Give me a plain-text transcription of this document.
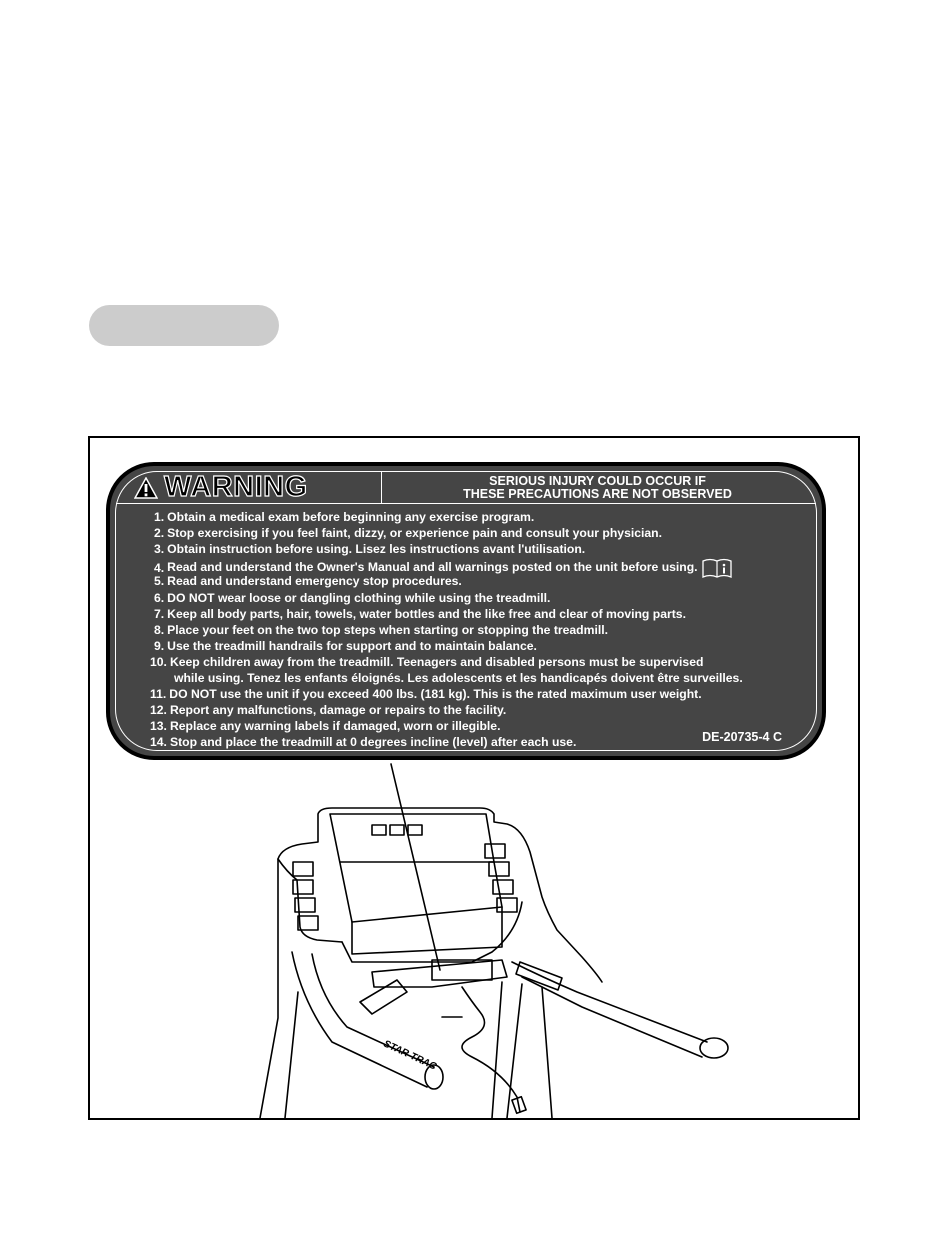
STAR TRAC
WARNING	SERIOUS INJURY COULD OCCUR IF
THESE PRECAUTIONS ARE NOT OBSERVED
1.Obtain a medical exam before beginning any exercise program.
2.Stop exercising if you feel faint, dizzy, or experience pain and consult your physician.
3.Obtain instruction before using. Lisez les instructions avant l'utilisation.
4.Read and understand the Owner's Manual and all warnings posted on the unit before using.
5.Read and understand emergency stop procedures.
6.DO NOT wear loose or dangling clothing while using the treadmill.
7.Keep all body parts, hair, towels, water bottles and the like free and clear of moving parts.
8.Place your feet on the two top steps when starting or stopping the treadmill.
9.Use the treadmill handrails for support and to maintain balance.
10.Keep children away from the treadmill. Teenagers and disabled persons must be supervised
while using. Tenez les enfants éloignés. Les adolescents et les handicapés doivent être surveilles.
11.DO NOT use the unit if you exceed 400 lbs. (181 kg). This is the rated maximum user weight.
12.Report any malfunctions, damage or repairs to the facility.
13.Replace any warning labels if damaged, worn or illegible.
14.Stop and place the treadmill at 0 degrees incline (level) after each use.	DE-20735-4 C
